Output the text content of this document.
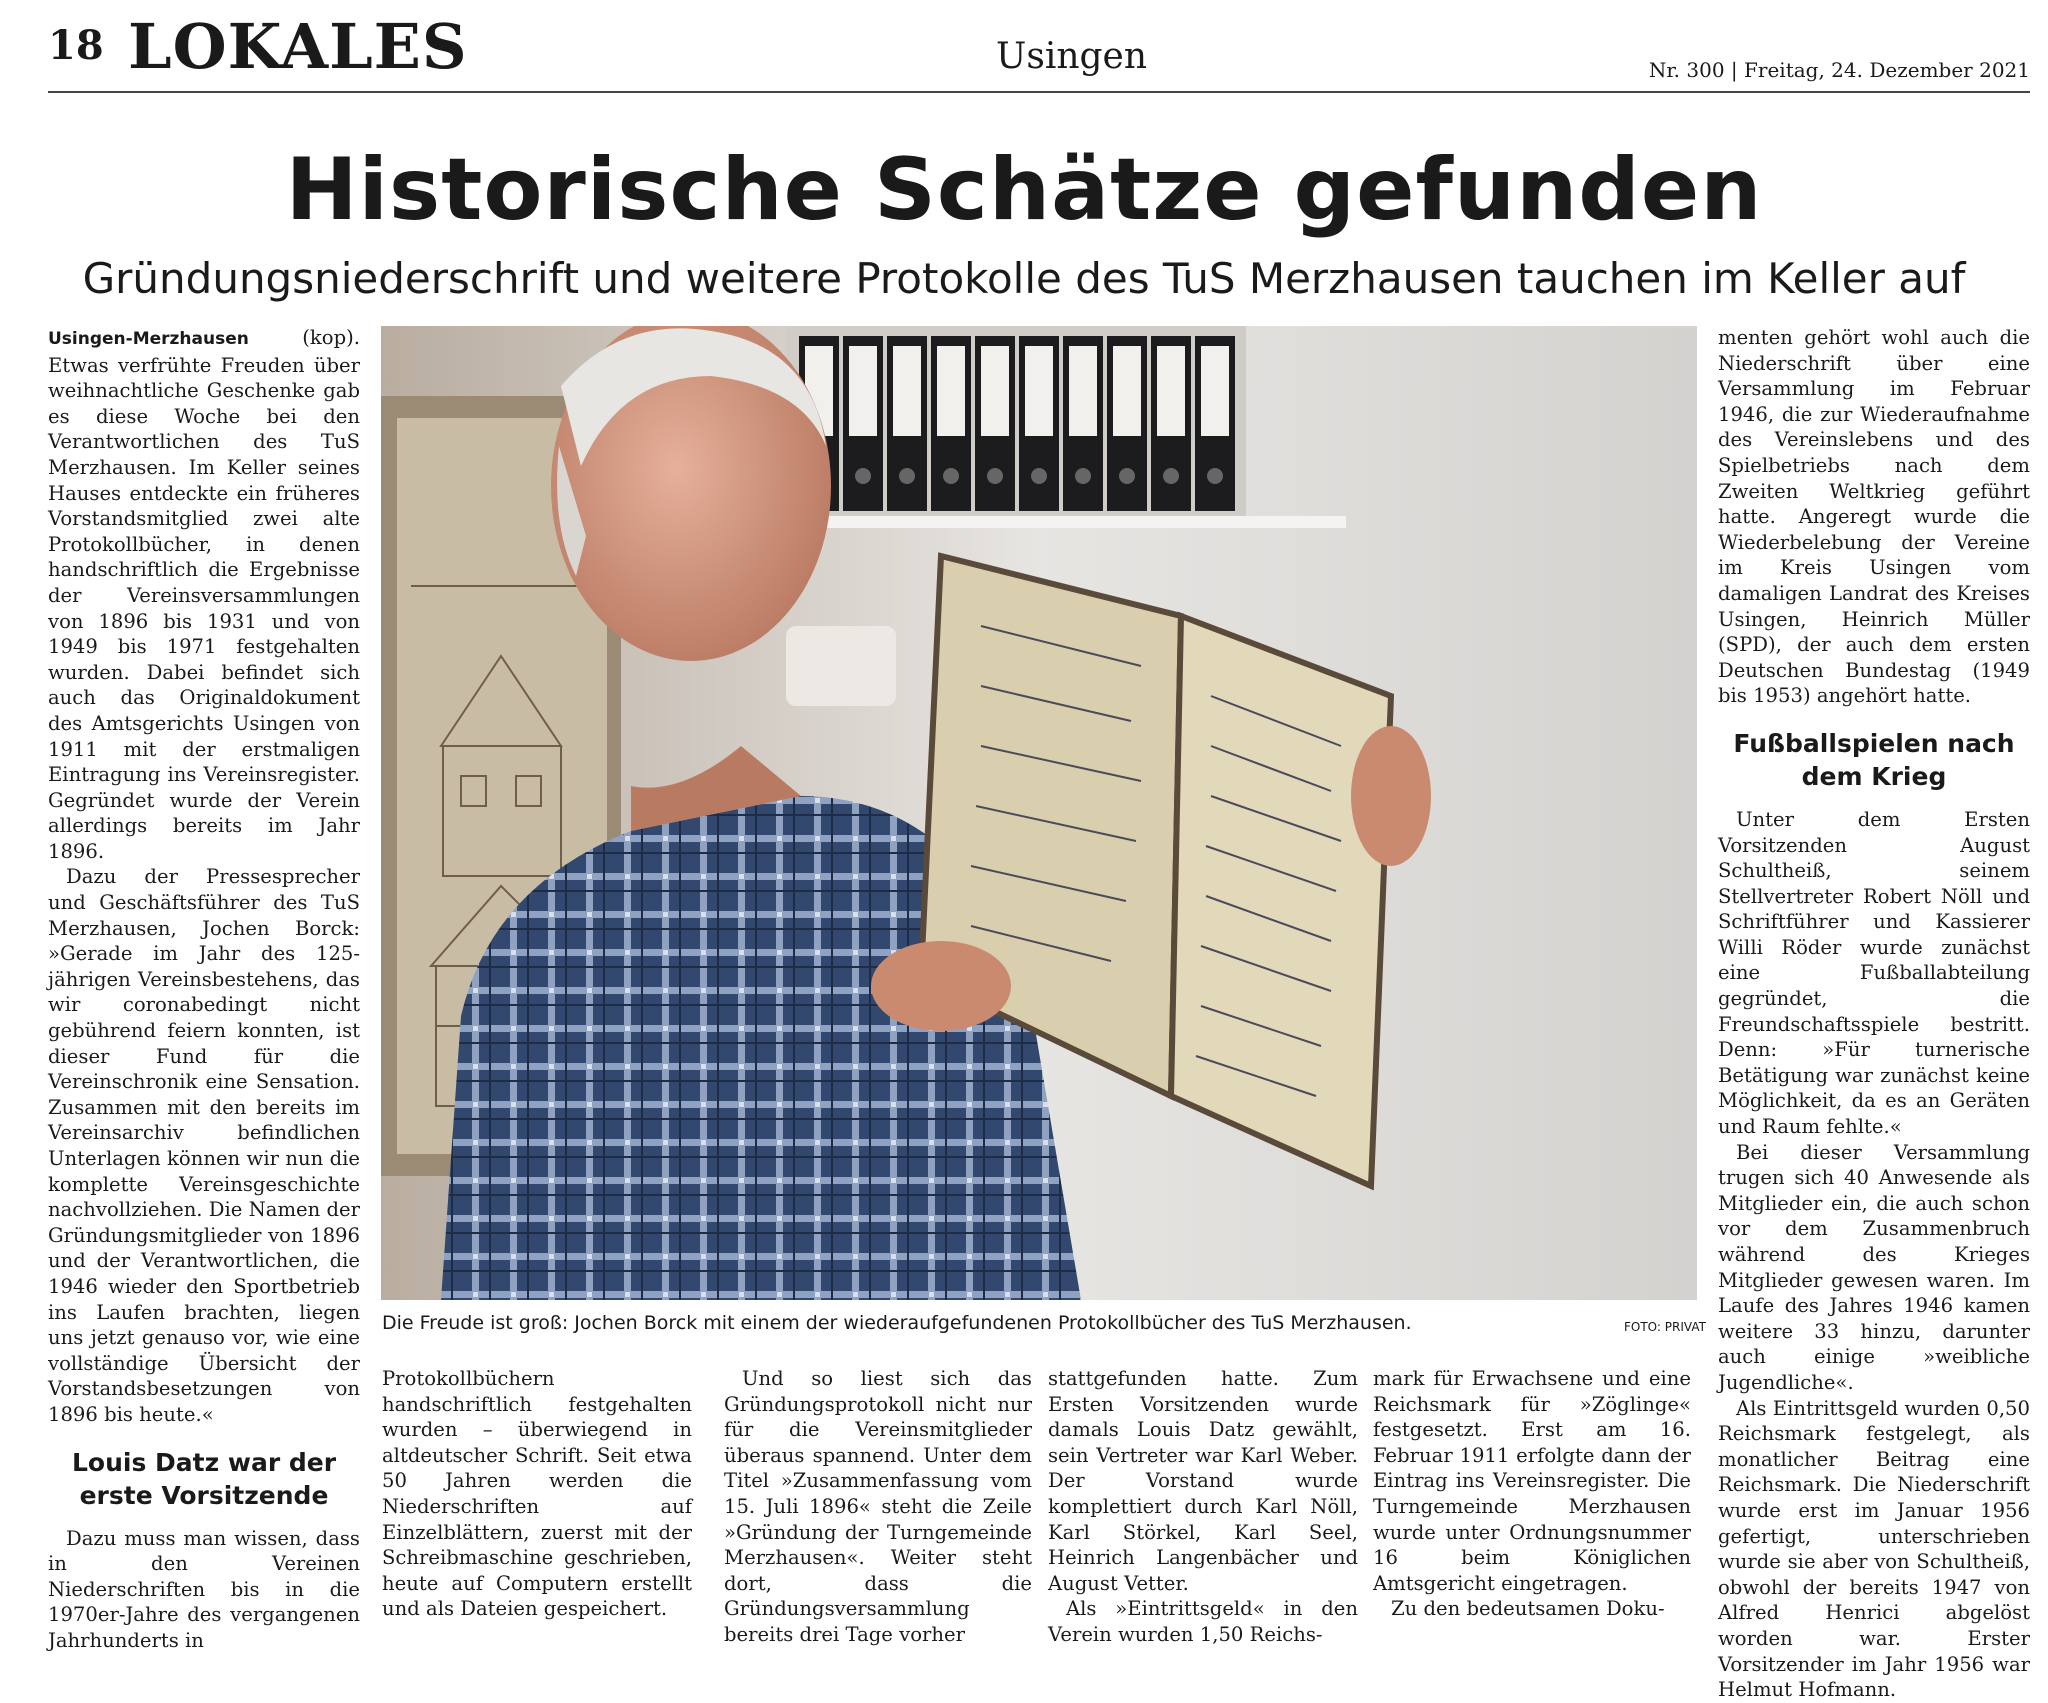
18 LOKALES	Usingen	Nr. 300 | Freitag, 24. Dezember 2021
Historische Schätze gefunden
Gründungsniederschrift und weitere Protokolle des TuS Merzhausen tauchen im Keller auf

Usingen-Merzhausen (kop). Etwas verfrühte Freuden über weihnachtliche Geschenke gab es diese Woche bei den Verantwortlichen des TuS Merzhausen. Im Keller seines Hauses entdeckte ein früheres Vorstandsmitglied zwei alte Protokollbücher, in denen handschriftlich die Ergebnisse der Vereinsversammlungen von 1896 bis 1931 und von 1949 bis 1971 festgehalten wurden. Dabei befindet sich auch das Originaldokument des Amtsgerichts Usingen von 1911 mit der erstmaligen Eintragung ins Vereinsregister. Gegründet wurde der Verein allerdings bereits im Jahr 1896.

Dazu der Pressesprecher und Geschäftsführer des TuS Merzhausen, Jochen Borck: »Gerade im Jahr des 125-jährigen Vereinsbestehens, das wir coronabedingt nicht gebührend feiern konnten, ist dieser Fund für die Vereinschronik eine Sensation. Zusammen mit den bereits im Vereinsarchiv befindlichen Unterlagen können wir nun die komplette Vereinsgeschichte nachvollziehen. Die Namen der Gründungsmitglieder von 1896 und der Verantwortlichen, die 1946 wieder den Sportbetrieb ins Laufen brachten, liegen uns jetzt genauso vor, wie eine vollständige Übersicht der Vorstandsbesetzungen von 1896 bis heute.«

Louis Datz war der erste Vorsitzende

Dazu muss man wissen, dass in den Vereinen Niederschriften bis in die 1970er-Jahre des vergangenen Jahrhunderts in

Die Freude ist groß: Jochen Borck mit einem der wiederaufgefundenen Protokollbücher des TuS Merzhausen.	FOTO: PRIVAT

Protokollbüchern handschriftlich festgehalten wurden – überwiegend in altdeutscher Schrift. Seit etwa 50 Jahren werden die Niederschriften auf Einzelblättern, zuerst mit der Schreibmaschine geschrieben, heute auf Computern erstellt und als Dateien gespeichert.

Und so liest sich das Gründungsprotokoll nicht nur für die Vereinsmitglieder überaus spannend. Unter dem Titel »Zusammenfassung vom 15. Juli 1896« steht die Zeile »Gründung der Turngemeinde Merzhausen«. Weiter steht dort, dass die Gründungsversammlung bereits drei Tage vorher

stattgefunden hatte. Zum Ersten Vorsitzenden wurde damals Louis Datz gewählt, sein Vertreter war Karl Weber. Der Vorstand wurde komplettiert durch Karl Nöll, Karl Störkel, Karl Seel, Heinrich Langenbächer und August Vetter.

Als »Eintrittsgeld« in den Verein wurden 1,50 Reichs-

mark für Erwachsene und eine Reichsmark für »Zöglinge« festgesetzt. Erst am 16. Februar 1911 erfolgte dann der Eintrag ins Vereinsregister. Die Turngemeinde Merzhausen wurde unter Ordnungsnummer 16 beim Königlichen Amtsgericht eingetragen.

Zu den bedeutsamen Doku-

menten gehört wohl auch die Niederschrift über eine Versammlung im Februar 1946, die zur Wiederaufnahme des Vereinslebens und des Spielbetriebs nach dem Zweiten Weltkrieg geführt hatte. Angeregt wurde die Wiederbelebung der Vereine im Kreis Usingen vom damaligen Landrat des Kreises Usingen, Heinrich Müller (SPD), der auch dem ersten Deutschen Bundestag (1949 bis 1953) angehört hatte.

Fußballspielen nach dem Krieg

Unter dem Ersten Vorsitzenden August Schultheiß, seinem Stellvertreter Robert Nöll und Schriftführer und Kassierer Willi Röder wurde zunächst eine Fußballabteilung gegründet, die Freundschaftsspiele bestritt. Denn: »Für turnerische Betätigung war zunächst keine Möglichkeit, da es an Geräten und Raum fehlte.«

Bei dieser Versammlung trugen sich 40 Anwesende als Mitglieder ein, die auch schon vor dem Zusammenbruch während des Krieges Mitglieder gewesen waren. Im Laufe des Jahres 1946 kamen weitere 33 hinzu, darunter auch einige »weibliche Jugendliche«.

Als Eintrittsgeld wurden 0,50 Reichsmark festgelegt, als monatlicher Beitrag eine Reichsmark. Die Niederschrift wurde erst im Januar 1956 gefertigt, unterschrieben wurde sie aber von Schultheiß, obwohl der bereits 1947 von Alfred Henrici abgelöst worden war. Erster Vorsitzender im Jahr 1956 war Helmut Hofmann.
